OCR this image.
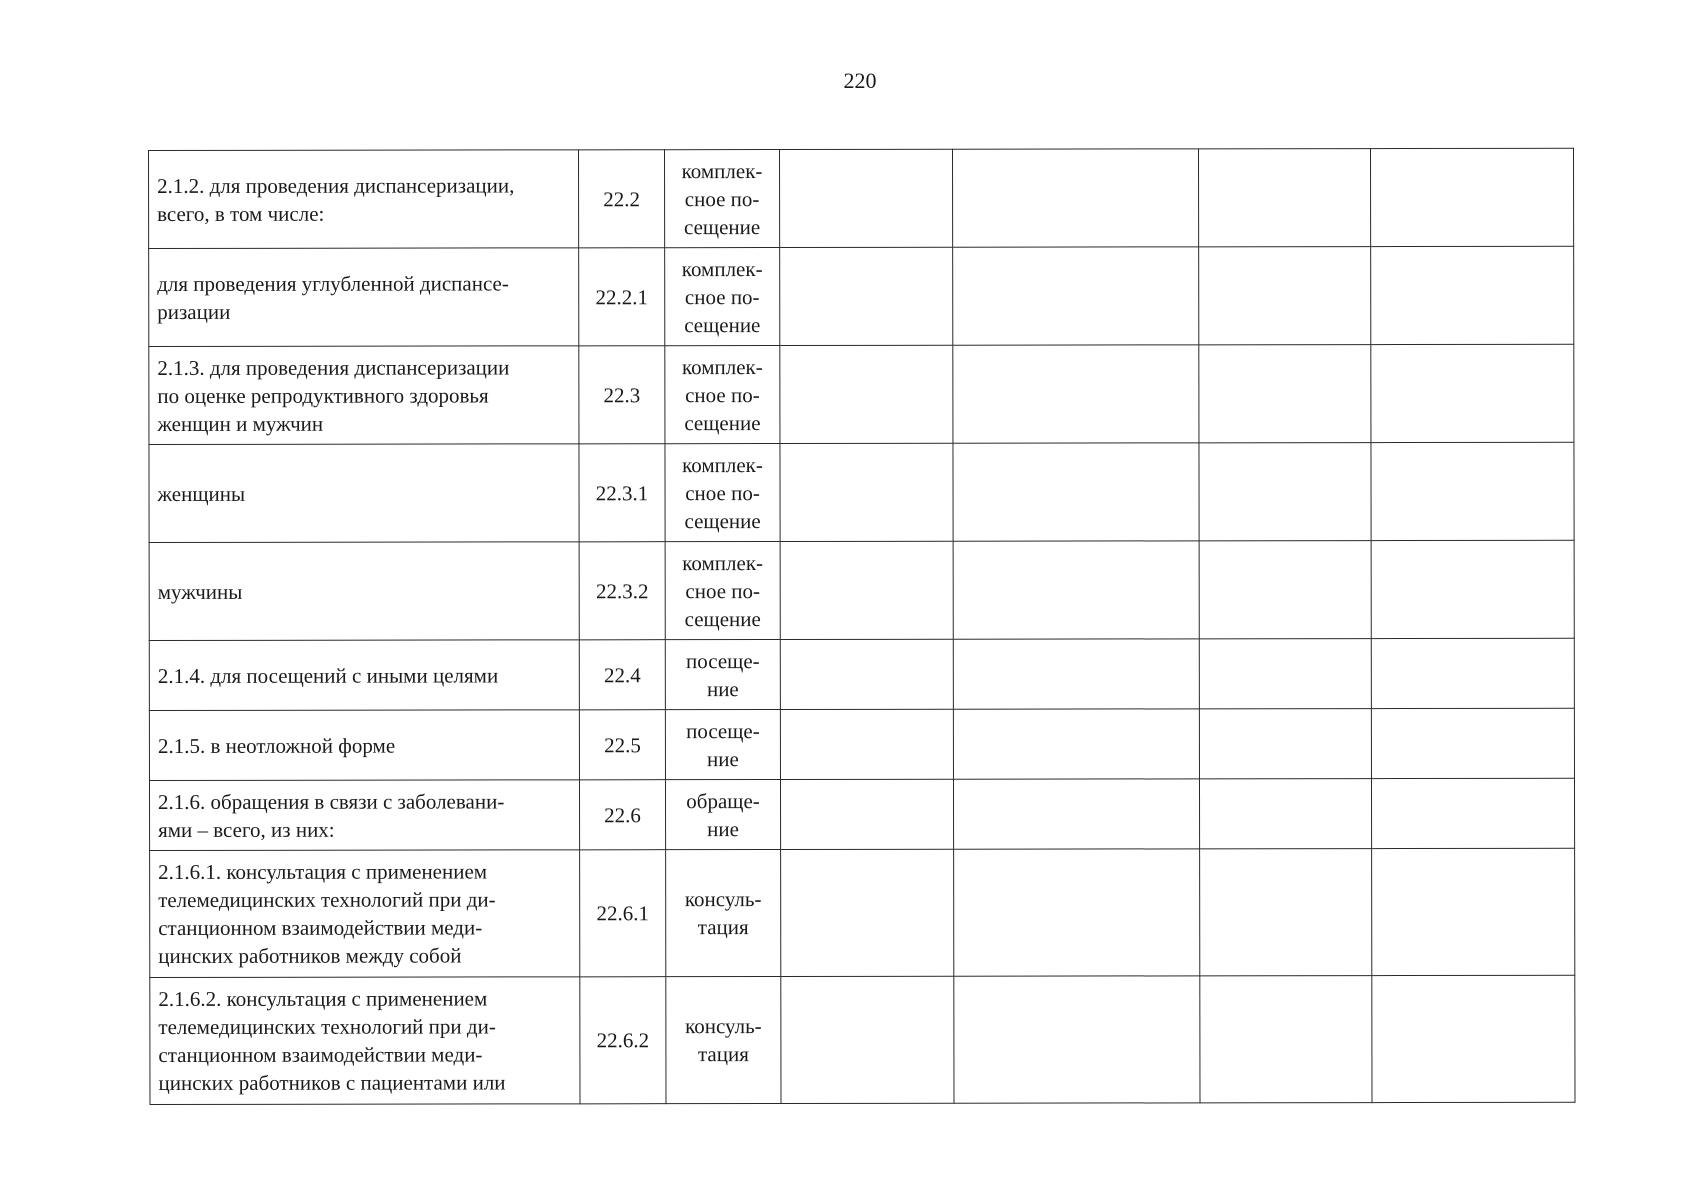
220
2.1.2. для проведения диспансеризации,
всего, в том числе:	22.2	комплек-
сное по-
сещение				
для проведения углубленной диспансе-
ризации	22.2.1	комплек-
сное по-
сещение				
2.1.3. для проведения диспансеризации
по оценке репродуктивного здоровья
женщин и мужчин	22.3	комплек-
сное по-
сещение				
женщины	22.3.1	комплек-
сное по-
сещение				
мужчины	22.3.2	комплек-
сное по-
сещение				
2.1.4. для посещений с иными целями	22.4	посеще-
ние				
2.1.5. в неотложной форме	22.5	посеще-
ние				
2.1.6. обращения в связи с заболевани-
ями – всего, из них:	22.6	обраще-
ние				
2.1.6.1. консультация с применением
телемедицинских технологий при ди-
станционном взаимодействии меди-
цинских работников между собой	22.6.1	консуль-
тация				
2.1.6.2. консультация с применением
телемедицинских технологий при ди-
станционном взаимодействии меди-
цинских работников с пациентами или	22.6.2	консуль-
тация				
